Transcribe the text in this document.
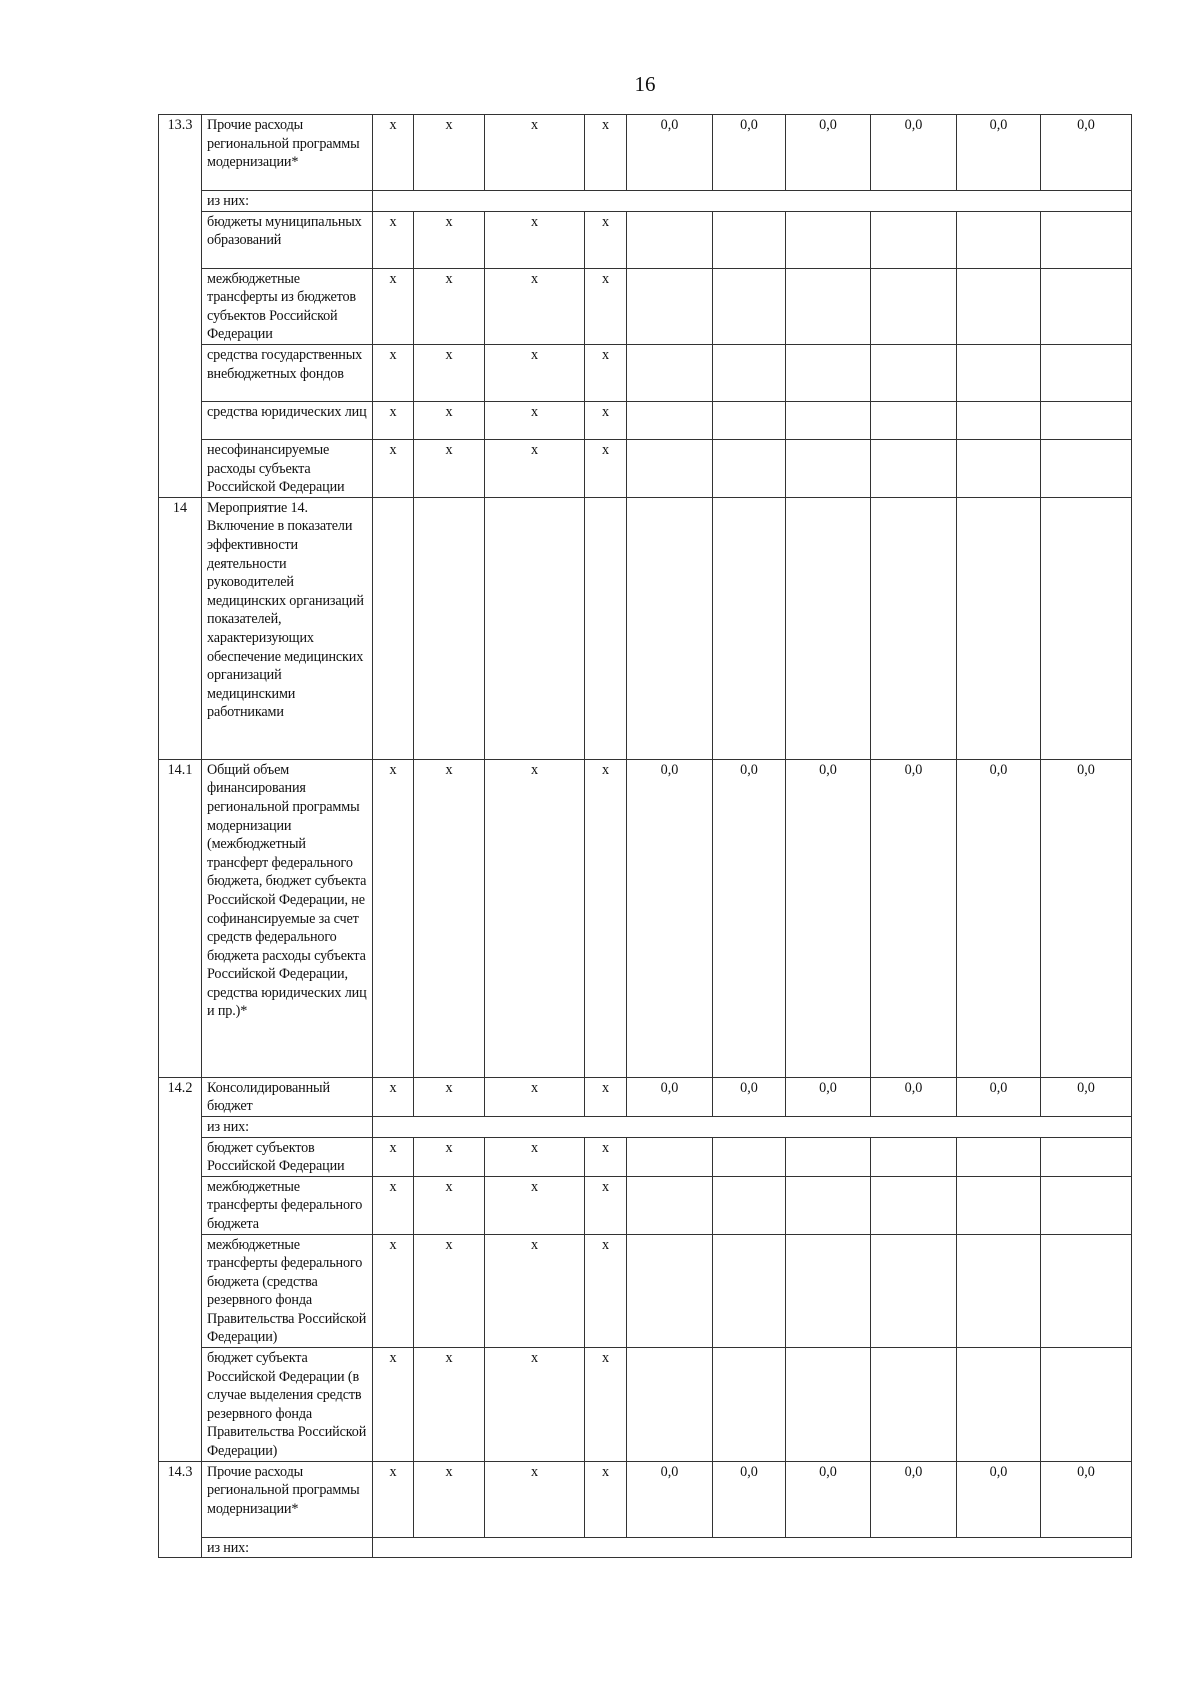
16
13.3	Прочие расходы региональной программы модернизации*	х	х	х	х	0,0	0,0	0,0	0,0	0,0	0,0
	из них:										
	бюджеты муниципальных образований	х	х	х	х						
	межбюджетные трансферты из бюджетов субъектов Российской Федерации	х	х	х	х						
	средства государственных внебюджетных фондов	х	х	х	х						
	средства юридических лиц	х	х	х	х						
	несофинансируемые расходы субъекта Российской Федерации	х	х	х	х						
14	Мероприятие 14. Включение в показатели эффективности деятельности руководителей медицинских организаций показателей, характеризующих обеспечение медицинских организаций медицинскими работниками										
14.1	Общий объем финансирования региональной программы модернизации (межбюджетный трансферт федерального бюджета, бюджет субъекта Российской Федерации, не софинансируемые за счет средств федерального бюджета расходы субъекта Российской Федерации, средства юридических лиц и пр.)*	х	х	х	х	0,0	0,0	0,0	0,0	0,0	0,0
14.2	Консолидированный бюджет	х	х	х	х	0,0	0,0	0,0	0,0	0,0	0,0
	из них:										
	бюджет субъектов Российской Федерации	х	х	х	х						
	межбюджетные трансферты федерального бюджета	х	х	х	х						
	межбюджетные трансферты федерального бюджета (средства резервного фонда Правительства Российской Федерации)	х	х	х	х						
	бюджет субъекта Российской Федерации (в случае выделения средств резервного фонда Правительства Российской Федерации)	х	х	х	х						
14.3	Прочие расходы региональной программы модернизации*	х	х	х	х	0,0	0,0	0,0	0,0	0,0	0,0
	из них:										
